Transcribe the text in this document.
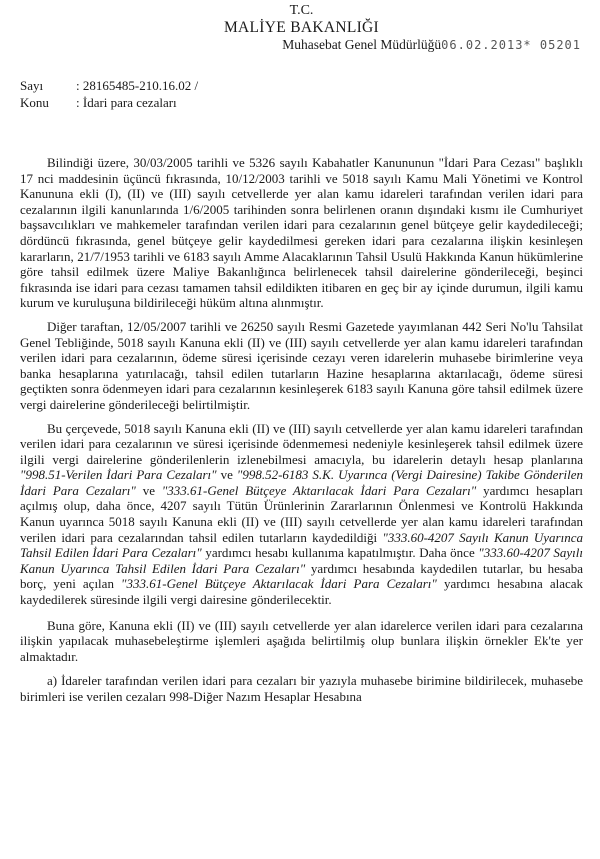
T.C.
MALİYE BAKANLIĞI
Muhasebat Genel Müdürlüğü06.02.2013* 05201
Sayı	: 28165485-210.16.02 /
Konu : İdari para cezaları

Bilindiği üzere, 30/03/2005 tarihli ve 5326 sayılı Kabahatler Kanununun "İdari Para Cezası" başlıklı 17 nci maddesinin üçüncü fıkrasında, 10/12/2003 tarihli ve 5018 sayılı Kamu Mali Yönetimi ve Kontrol Kanununa ekli (I), (II) ve (III) sayılı cetvellerde yer alan kamu idareleri tarafından verilen idari para cezalarının ilgili kanunlarında 1/6/2005 tarihinden sonra belirlenen oranın dışındaki kısmı ile Cumhuriyet başsavcılıkları ve mahkemeler tarafından verilen idari para cezalarının genel bütçeye gelir kaydedileceği; dördüncü fıkrasında, genel bütçeye gelir kaydedilmesi gereken idari para cezalarına ilişkin kesinleşen kararların, 21/7/1953 tarihli ve 6183 sayılı Amme Alacaklarının Tahsil Usulü Hakkında Kanun hükümlerine göre tahsil edilmek üzere Maliye Bakanlığınca belirlenecek tahsil dairelerine gönderileceği, beşinci fıkrasında ise idari para cezası tamamen tahsil edildikten itibaren en geç bir ay içinde durumun, ilgili kamu kurum ve kuruluşuna bildirileceği hüküm altına alınmıştır.

Diğer taraftan, 12/05/2007 tarihli ve 26250 sayılı Resmi Gazetede yayımlanan 442 Seri No'lu Tahsilat Genel Tebliğinde, 5018 sayılı Kanuna ekli (II) ve (III) sayılı cetvellerde yer alan kamu idareleri tarafından verilen idari para cezalarının, ödeme süresi içerisinde cezayı veren idarelerin muhasebe birimlerine veya banka hesaplarına yatırılacağı, tahsil edilen tutarların Hazine hesaplarına aktarılacağı, ödeme süresi geçtikten sonra ödenmeyen idari para cezalarının kesinleşerek 6183 sayılı Kanuna göre tahsil edilmek üzere vergi dairelerine gönderileceği belirtilmiştir.

Bu çerçevede, 5018 sayılı Kanuna ekli (II) ve (III) sayılı cetvellerde yer alan kamu idareleri tarafından verilen idari para cezalarının ve süresi içerisinde ödenmemesi nedeniyle kesinleşerek tahsil edilmek üzere ilgili vergi dairelerine gönderilenlerin izlenebilmesi amacıyla, bu idarelerin detaylı hesap planlarına "998.51-Verilen İdari Para Cezaları" ve "998.52-6183 S.K. Uyarınca (Vergi Dairesine) Takibe Gönderilen İdari Para Cezaları" ve "333.61-Genel Bütçeye Aktarılacak İdari Para Cezaları" yardımcı hesapları açılmış olup, daha önce, 4207 sayılı Tütün Ürünlerinin Zararlarının Önlenmesi ve Kontrolü Hakkında Kanun uyarınca 5018 sayılı Kanuna ekli (II) ve (III) sayılı cetvellerde yer alan kamu idareleri tarafından verilen idari para cezalarından tahsil edilen tutarların kaydedildiği "333.60-4207 Sayılı Kanun Uyarınca Tahsil Edilen İdari Para Cezaları" yardımcı hesabı kullanıma kapatılmıştır. Daha önce "333.60-4207 Sayılı Kanun Uyarınca Tahsil Edilen İdari Para Cezaları" yardımcı hesabında kaydedilen tutarlar, bu hesaba borç, yeni açılan "333.61-Genel Bütçeye Aktarılacak İdari Para Cezaları" yardımcı hesabına alacak kaydedilerek süresinde ilgili vergi dairesine gönderilecektir.

Buna göre, Kanuna ekli (II) ve (III) sayılı cetvellerde yer alan idarelerce verilen idari para cezalarına ilişkin yapılacak muhasebeleştirme işlemleri aşağıda belirtilmiş olup bunlara ilişkin örnekler Ek'te yer almaktadır.

a) İdareler tarafından verilen idari para cezaları bir yazıyla muhasebe birimine bildirilecek, muhasebe birimleri ise verilen cezaları 998-Diğer Nazım Hesaplar Hesabına
